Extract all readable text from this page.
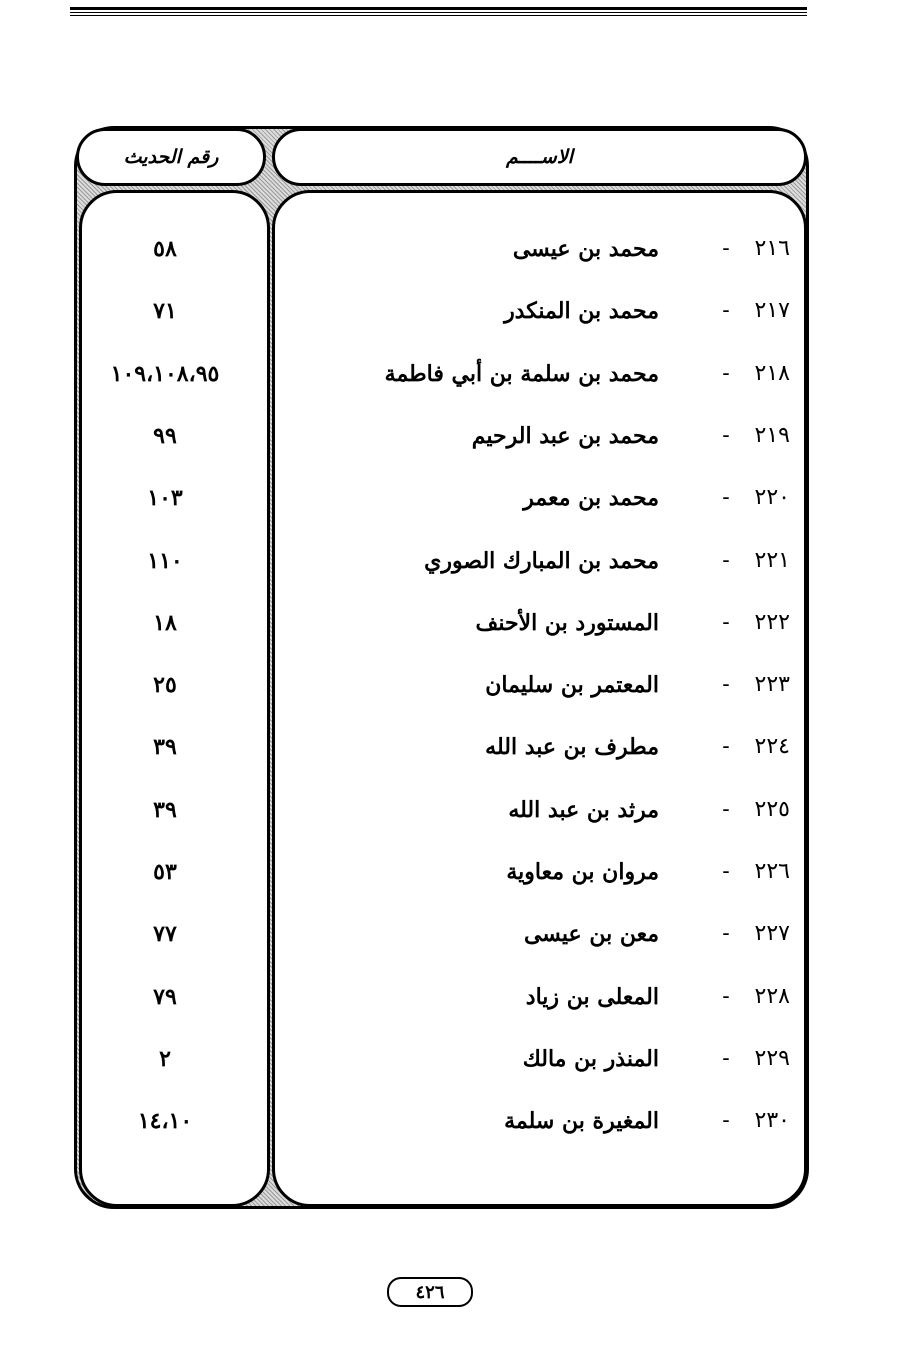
الاســــم
رقم الحديث
٢١٦
-
محمد بن عيسى
٥٨
٢١٧
-
محمد بن المنكدر
٧١
٢١٨
-
محمد بن سلمة بن أبي فاطمة
١٠٩،١٠٨،٩٥
٢١٩
-
محمد بن عبد الرحيم
٩٩
٢٢٠
-
محمد بن معمر
١٠٣
٢٢١
-
محمد بن المبارك الصوري
١١٠
٢٢٢
-
المستورد بن الأحنف
١٨
٢٢٣
-
المعتمر بن سليمان
٢٥
٢٢٤
-
مطرف بن عبد الله
٣٩
٢٢٥
-
مرثد بن عبد الله
٣٩
٢٢٦
-
مروان بن معاوية
٥٣
٢٢٧
-
معن بن عيسى
٧٧
٢٢٨
-
المعلى بن زياد
٧٩
٢٢٩
-
المنذر بن مالك
٢
٢٣٠
-
المغيرة بن سلمة
١٤،١٠
٤٢٦
